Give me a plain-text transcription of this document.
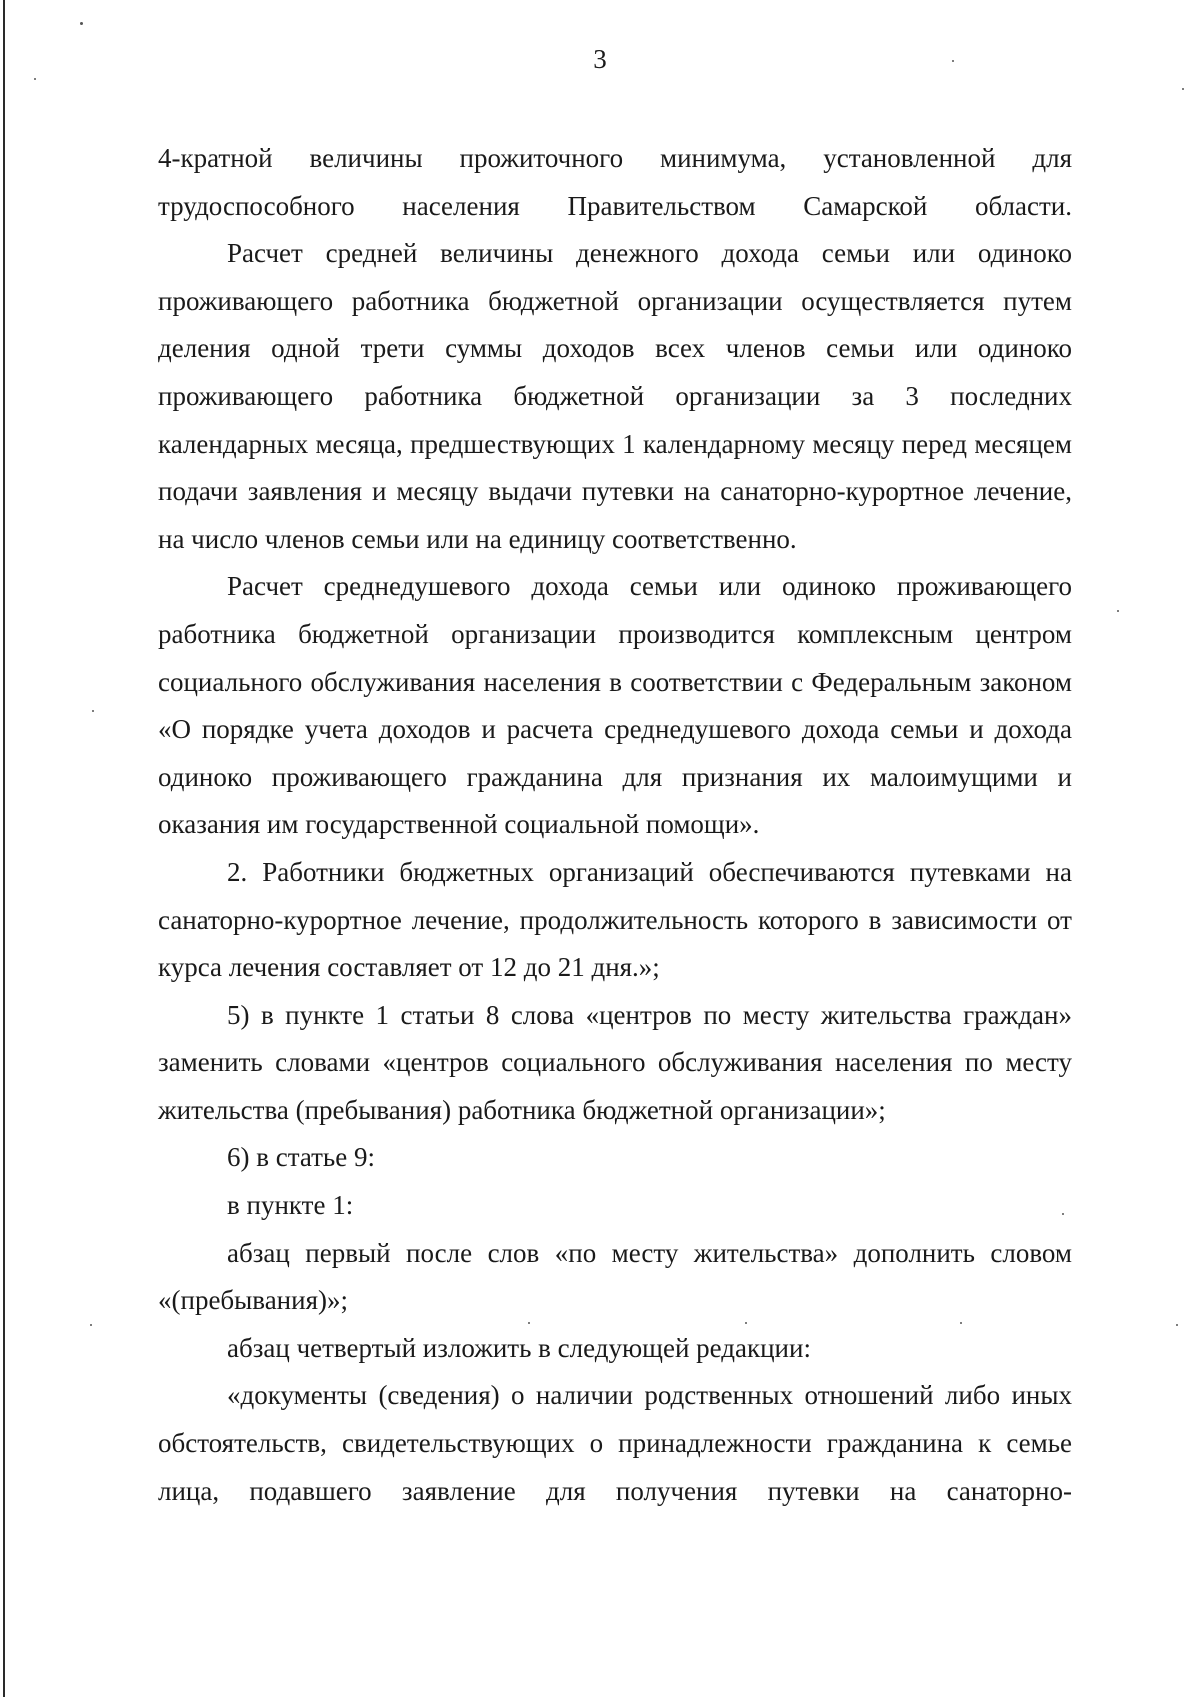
3

4-кратной величины прожиточного минимума, установленной для трудоспособного населения Правительством Самарской области.

Расчет средней величины денежного дохода семьи или одиноко проживающего работника бюджетной организации осуществляется путем деления одной трети суммы доходов всех членов семьи или одиноко проживающего работника бюджетной организации за 3 последних календарных месяца, предшествующих 1 календарному месяцу перед месяцем подачи заявления и месяцу выдачи путевки на санаторно-курортное лечение, на число членов семьи или на единицу соответственно.

Расчет среднедушевого дохода семьи или одиноко проживающего работника бюджетной организации производится комплексным центром социального обслуживания населения в соответствии с Федеральным законом «О порядке учета доходов и расчета среднедушевого дохода семьи и дохода одиноко проживающего гражданина для признания их малоимущими и оказания им государственной социальной помощи».

2. Работники бюджетных организаций обеспечиваются путевками на санаторно-курортное лечение, продолжительность которого в зависимости от курса лечения составляет от 12 до 21 дня.»;

5) в пункте 1 статьи 8 слова «центров по месту жительства граждан» заменить словами «центров социального обслуживания населения по месту жительства (пребывания) работника бюджетной организации»;

6) в статье 9:

в пункте 1:

абзац первый после слов «по месту жительства» дополнить словом «(пребывания)»;

абзац четвертый изложить в следующей редакции:

«документы (сведения) о наличии родственных отношений либо иных обстоятельств, свидетельствующих о принадлежности гражданина к семье лица, подавшего заявление для получения путевки на санаторно-
